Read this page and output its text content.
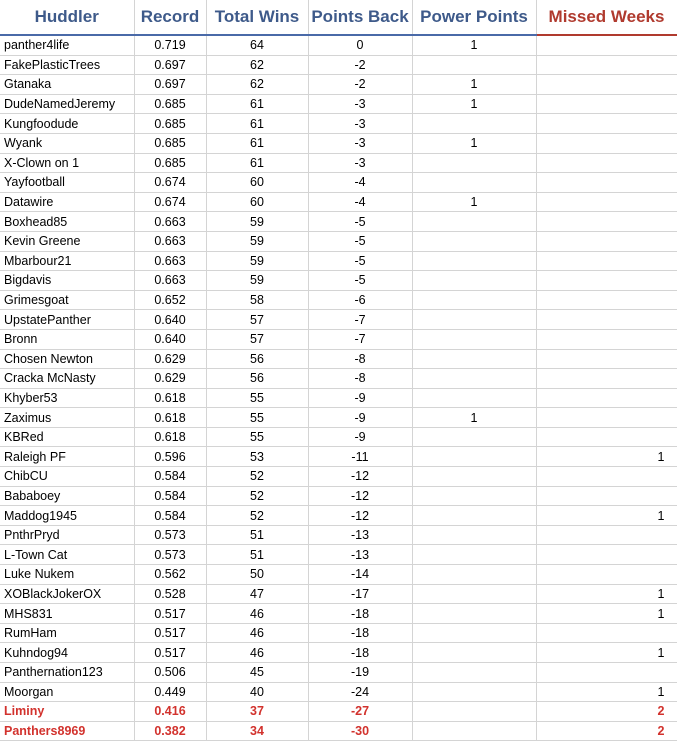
Huddler	Record	Total Wins	Points Back	Power Points	Missed Weeks
panther4life	0.719	64	0	1	
FakePlasticTrees	0.697	62	-2		
Gtanaka	0.697	62	-2	1	
DudeNamedJeremy	0.685	61	-3	1	
Kungfoodude	0.685	61	-3		
Wyank	0.685	61	-3	1	
X-Clown on 1	0.685	61	-3		
Yayfootball	0.674	60	-4		
Datawire	0.674	60	-4	1	
Boxhead85	0.663	59	-5		
Kevin Greene	0.663	59	-5		
Mbarbour21	0.663	59	-5		
Bigdavis	0.663	59	-5		
Grimesgoat	0.652	58	-6		
UpstatePanther	0.640	57	-7		
Bronn	0.640	57	-7		
Chosen Newton	0.629	56	-8		
Cracka McNasty	0.629	56	-8		
Khyber53	0.618	55	-9		
Zaximus	0.618	55	-9	1	
KBRed	0.618	55	-9		
Raleigh PF	0.596	53	-11		1
ChibCU	0.584	52	-12		
Bababoey	0.584	52	-12		
Maddog1945	0.584	52	-12		1
PnthrPryd	0.573	51	-13		
L-Town Cat	0.573	51	-13		
Luke Nukem	0.562	50	-14		
XOBlackJokerOX	0.528	47	-17		1
MHS831	0.517	46	-18		1
RumHam	0.517	46	-18		
Kuhndog94	0.517	46	-18		1
Panthernation123	0.506	45	-19		
Moorgan	0.449	40	-24		1
Liminy	0.416	37	-27		2
Panthers8969	0.382	34	-30		2
